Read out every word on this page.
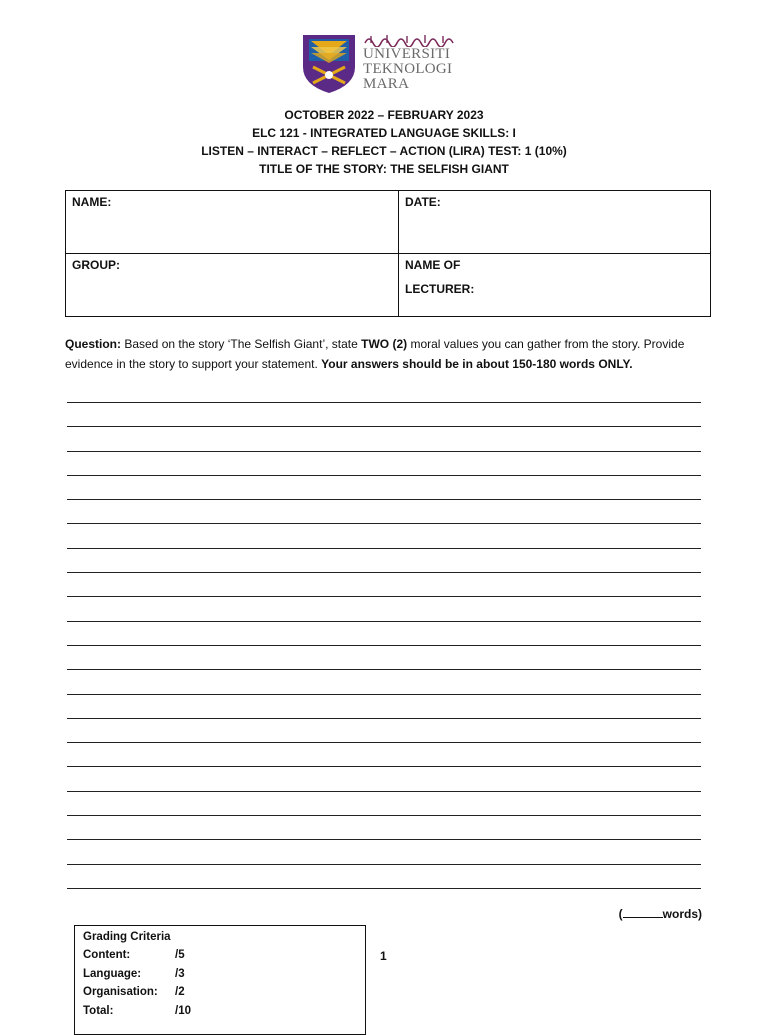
UNIVERSITI
TEKNOLOGI
MARA
OCTOBER 2022 – FEBRUARY 2023
ELC 121 - INTEGRATED LANGUAGE SKILLS: I
LISTEN – INTERACT – REFLECT – ACTION (LIRA) TEST: 1 (10%)
TITLE OF THE STORY: THE SELFISH GIANT
NAME:	DATE:
GROUP:	NAME OF
LECTURER:
Question: Based on the story ‘The Selfish Giant’, state TWO (2) moral values you can gather from the story. Provide evidence in the story to support your statement. Your answers should be in about 150-180 words ONLY.
(	words)
Grading Criteria
Content:	/5
Language:	/3
Organisation:	/2
Total:	/10
1
